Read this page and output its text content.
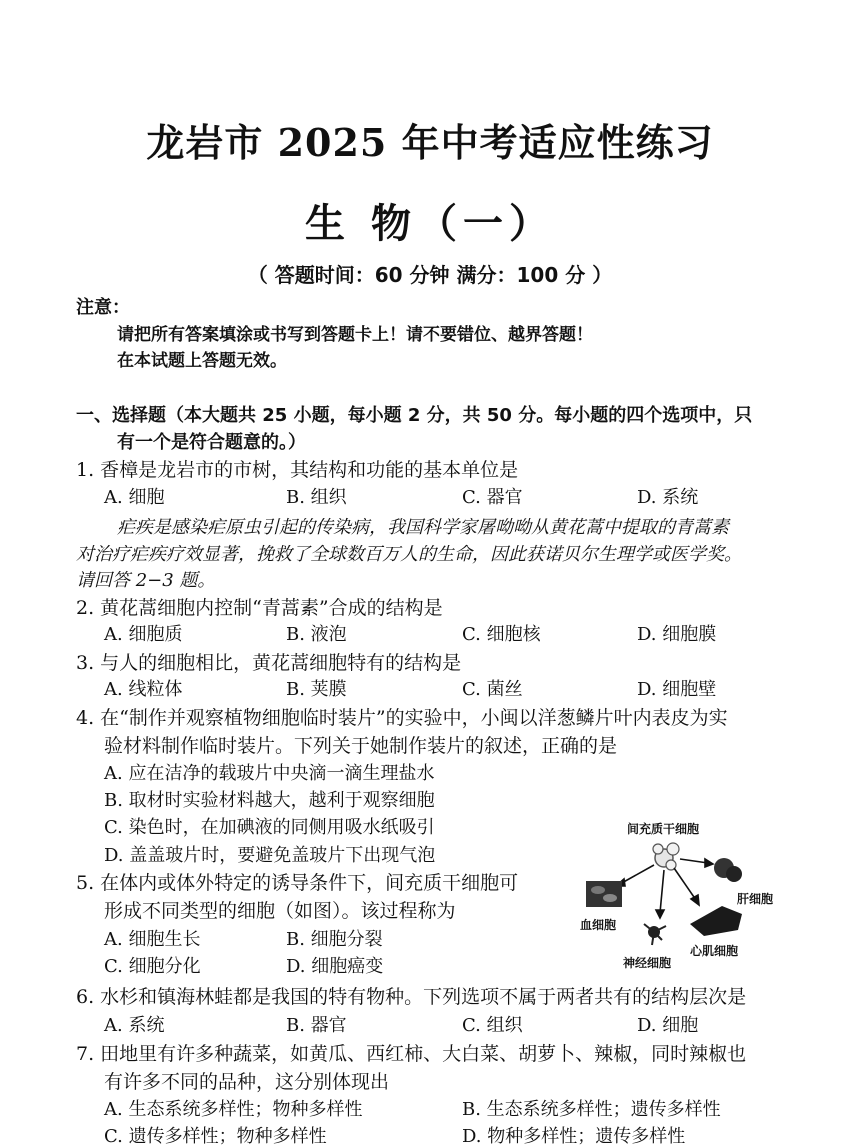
龙岩市 2025 年中考适应性练习
生 物（一）
（ 答题时间：60 分钟 满分：100 分 ）
注意：
请把所有答案填涂或书写到答题卡上！请不要错位、越界答题！
在本试题上答题无效。
一、选择题（本大题共 25 小题，每小题 2 分，共 50 分。每小题的四个选项中，只
有一个是符合题意的。）
1. 香樟是龙岩市的市树，其结构和功能的基本单位是
A. 细胞	B. 组织	C. 器官	D. 系统
疟疾是感染疟原虫引起的传染病，我国科学家屠呦呦从黄花蒿中提取的青蒿素
对治疗疟疾疗效显著，挽救了全球数百万人的生命，因此获诺贝尔生理学或医学奖。
请回答 2−3 题。
2. 黄花蒿细胞内控制“青蒿素”合成的结构是
A. 细胞质	B. 液泡	C. 细胞核	D. 细胞膜
3. 与人的细胞相比，黄花蒿细胞特有的结构是
A. 线粒体	B. 荚膜	C. 菌丝	D. 细胞壁
4. 在“制作并观察植物细胞临时装片”的实验中，小闽以洋葱鳞片叶内表皮为实
验材料制作临时装片。下列关于她制作装片的叙述，正确的是
A. 应在洁净的载玻片中央滴一滴生理盐水
B. 取材时实验材料越大，越利于观察细胞
C. 染色时，在加碘液的同侧用吸水纸吸引
D. 盖盖玻片时，要避免盖玻片下出现气泡
5. 在体内或体外特定的诱导条件下，间充质干细胞可
形成不同类型的细胞（如图）。该过程称为
A. 细胞生长	B. 细胞分裂
C. 细胞分化	D. 细胞癌变
间充质干细胞
肝细胞
血细胞
神经细胞
心肌细胞
6. 水杉和镇海林蛙都是我国的特有物种。下列选项不属于两者共有的结构层次是
A. 系统	B. 器官	C. 组织	D. 细胞
7. 田地里有许多种蔬菜，如黄瓜、西红柿、大白菜、胡萝卜、辣椒，同时辣椒也
有许多不同的品种，这分别体现出
A. 生态系统多样性；物种多样性	B. 生态系统多样性；遗传多样性
C. 遗传多样性；物种多样性	D. 物种多样性；遗传多样性
